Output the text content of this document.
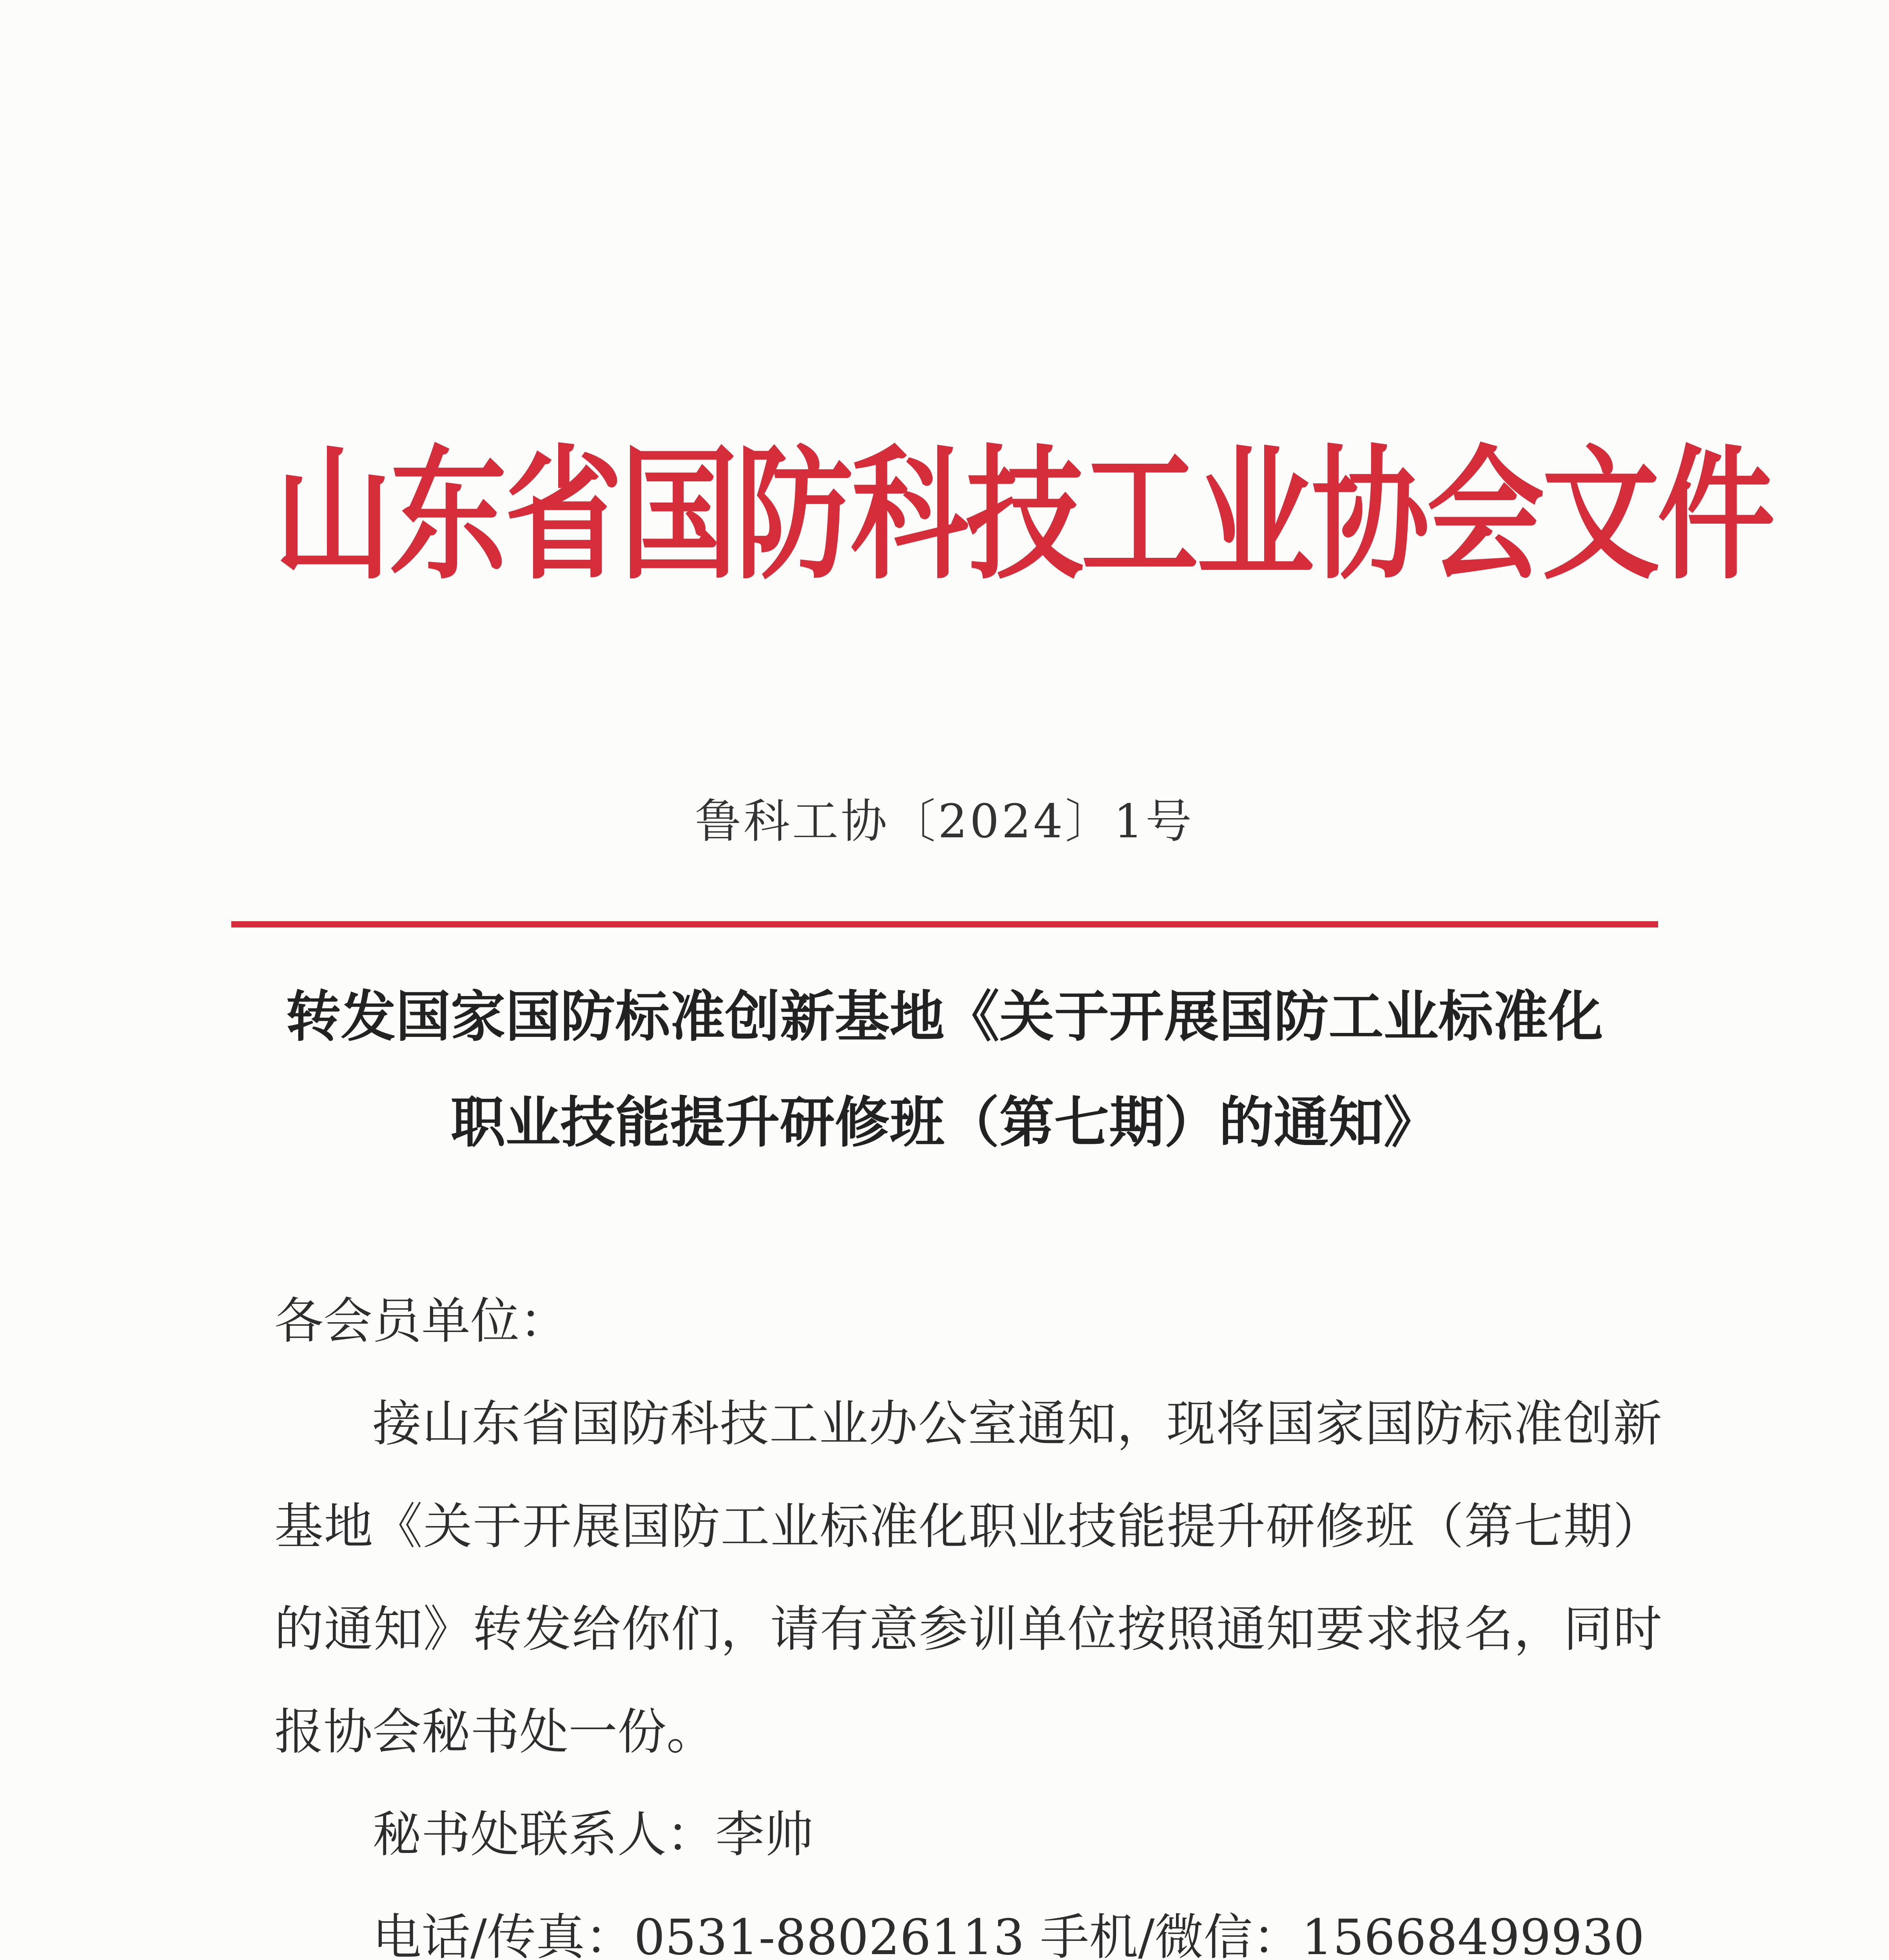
山东省国防科技工业协会文件
鲁科工协〔2024〕1号
转发国家国防标准创新基地《关于开展国防工业标准化
职业技能提升研修班（第七期）的通知》

各会员单位：

接山东省国防科技工业办公室通知，现将国家国防标准创新基地《关于开展国防工业标准化职业技能提升研修班（第七期）的通知》转发给你们，请有意参训单位按照通知要求报名，同时报协会秘书处一份。

秘书处联系人：李帅

电话/传真：0531-88026113 手机/微信：15668499930
